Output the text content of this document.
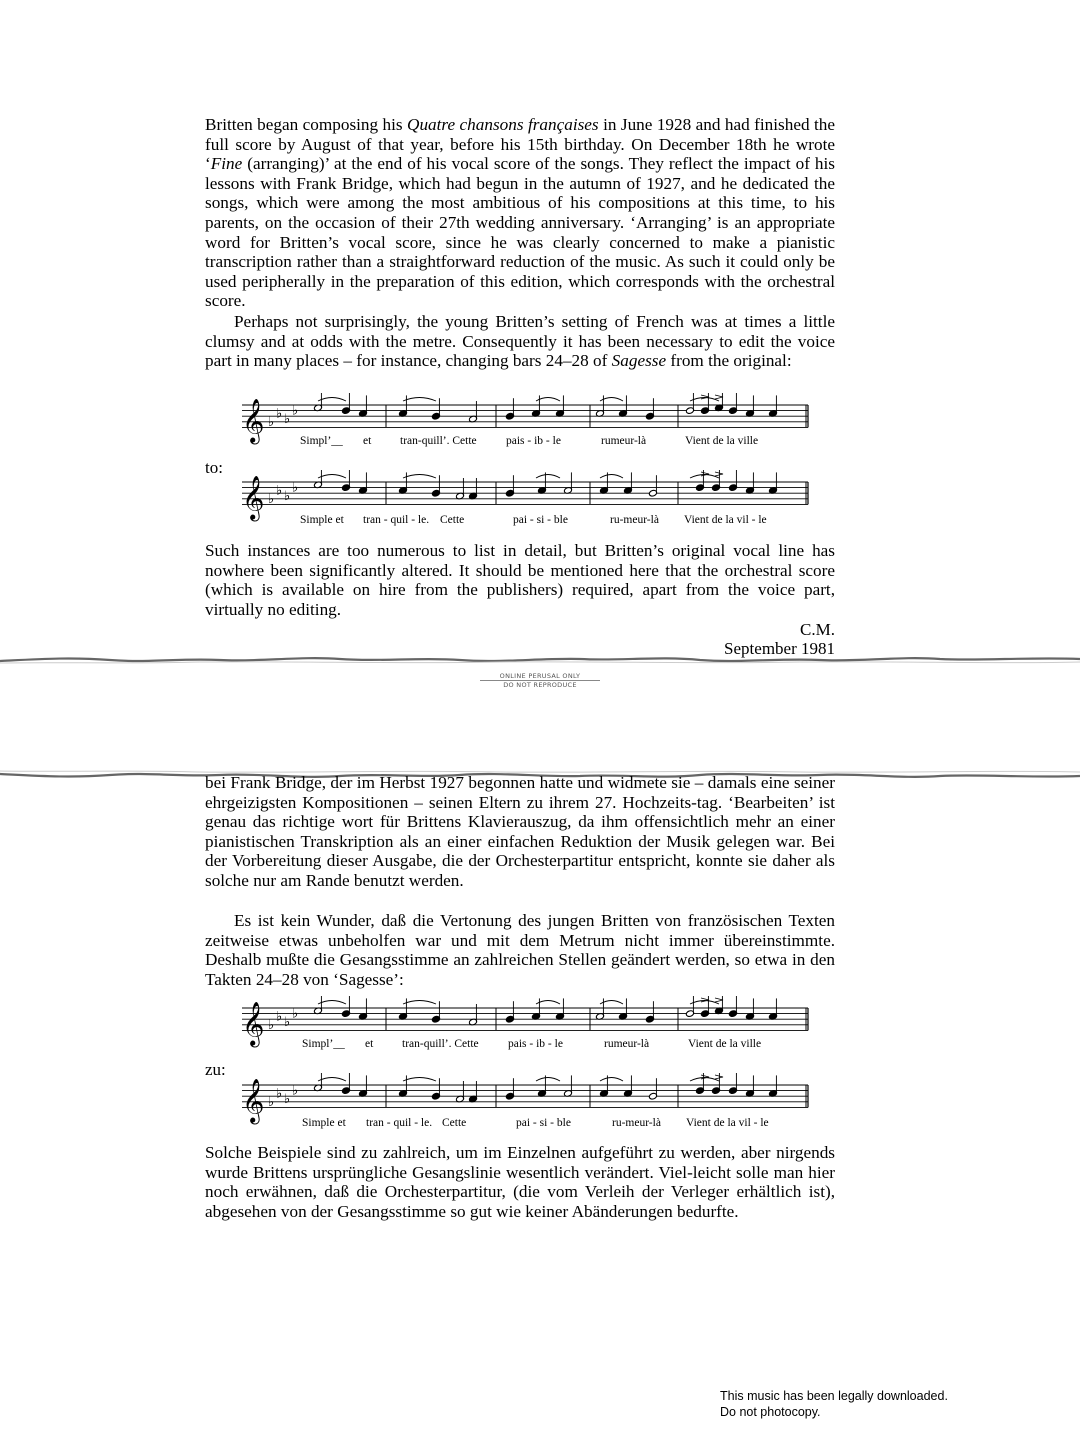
Britten began composing his Quatre chansons françaises in June 1928 and had finished the full score by August of that year, before his 15th birthday. On December 18th he wrote ‘Fine (arranging)’ at the end of his vocal score of the songs. They reflect the impact of his lessons with Frank Bridge, which had begun in the autumn of 1927, and he dedicated the songs, which were among the most ambitious of his compositions at this time, to his parents, on the occasion of their 27th wedding anniversary. ‘Arranging’ is an appropriate word for Britten’s vocal score, since he was clearly concerned to make a pianistic transcription rather than a straightforward reduction of the music. As such it could only be used peripherally in the preparation of this edition, which corresponds with the orchestral score.

Perhaps not surprisingly, the young Britten’s setting of French was at times a little clumsy and at odds with the metre. Consequently it has been necessary to edit the voice part in many places – for instance, changing bars 24–28 of Sagesse from the original:

𝄞 ♭
♭ ♭
♭
Simpl’__ et tran-quill’. Cette	pais - ib - le	rumeur-là	Vient de la ville
to:
𝄞 ♭
♭ ♭
♭
Simple et tran - quil - le. Cette	pai - si - ble	ru-meur-là Vient de la vil - le

Such instances are too numerous to list in detail, but Britten’s original vocal line has nowhere been significantly altered. It should be mentioned here that the orchestral score (which is available on hire from the publishers) required, apart from the voice part, virtually no editing.

C.M.
September 1981
ONLINE PERUSAL ONLY
DO NOT REPRODUCE

bei Frank Bridge, der im Herbst 1927 begonnen hatte und widmete sie – damals eine seiner ehrgeizigsten Kompositionen – seinen Eltern zu ihrem 27. Hochzeits-tag. ‘Bearbeiten’ ist genau das richtige wort für Brittens Klavierauszug, da ihm offensichtlich mehr an einer pianistischen Transkription als an einer einfachen Reduktion der Musik gelegen war. Bei der Vorbereitung dieser Ausgabe, die der Orchesterpartitur entspricht, konnte sie daher als solche nur am Rande benutzt werden.

Es ist kein Wunder, daß die Vertonung des jungen Britten von französischen Texten zeitweise etwas unbeholfen war und mit dem Metrum nicht immer übereinstimmte. Deshalb mußte die Gesangsstimme an zahlreichen Stellen geändert werden, so etwa in den Takten 24–28 von ‘Sagesse’:

𝄞 ♭
♭ ♭
♭
Simpl’__ et tran-quill’. Cette	pais - ib - le	rumeur-là	Vient de la ville
zu:
𝄞 ♭
♭ ♭
♭
Simple et tran - quil - le. Cette	pai - si - ble	ru-meur-là Vient de la vil - le

Solche Beispiele sind zu zahlreich, um im Einzelnen aufgeführt zu werden, aber nirgends wurde Brittens ursprüngliche Gesangslinie wesentlich verändert. Viel-leicht solle man hier noch erwähnen, daß die Orchesterpartitur, (die vom Verleih der Verleger erhältlich ist), abgesehen von der Gesangsstimme so gut wie keiner Abänderungen bedurfte.

This music has been legally downloaded.
Do not photocopy.
